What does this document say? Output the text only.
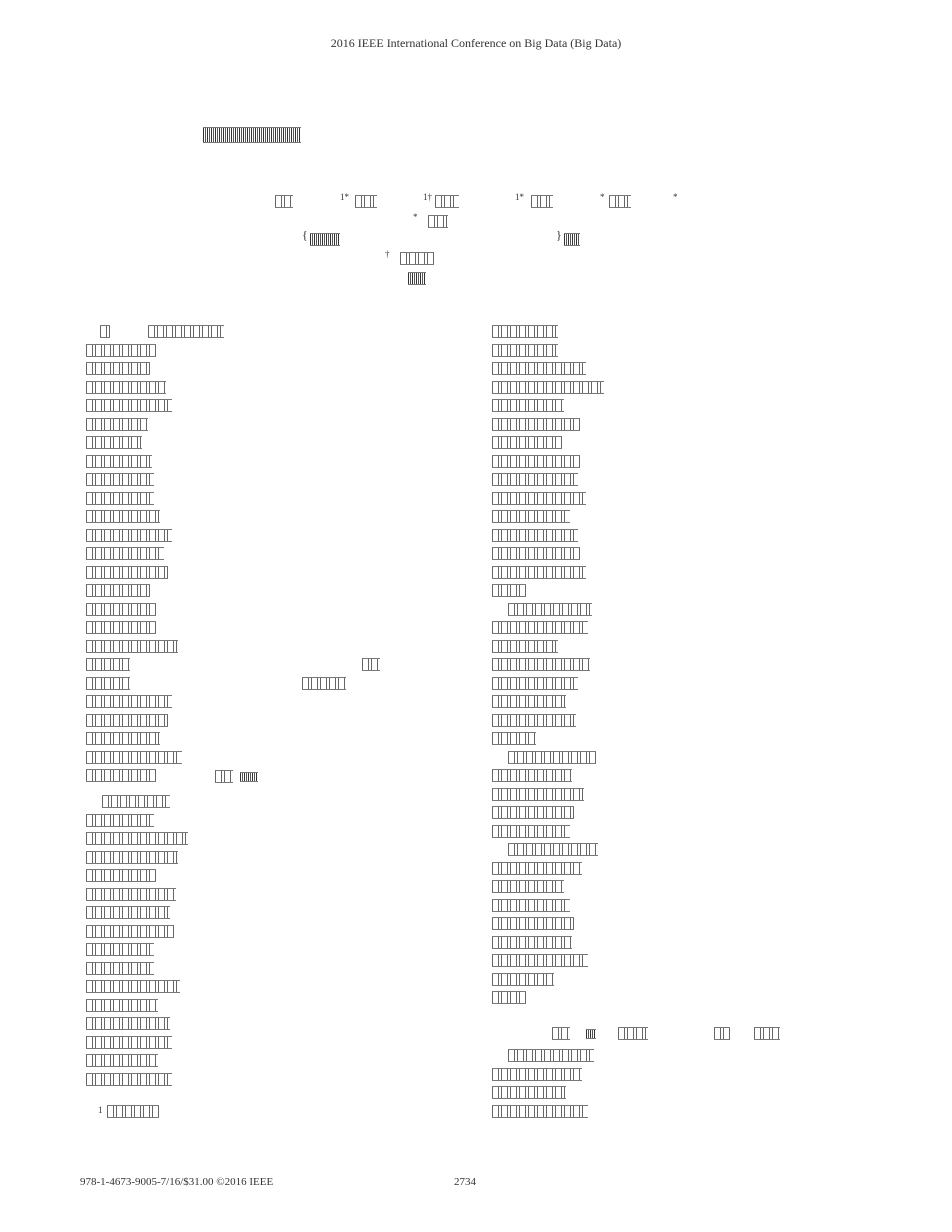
2016 IEEE International Conference on Big Data (Big Data)
1*	1†	1*	*	*
*
{	}
†

1
978-1-4673-9005-7/16/$31.00 ©2016 IEEE	2734
